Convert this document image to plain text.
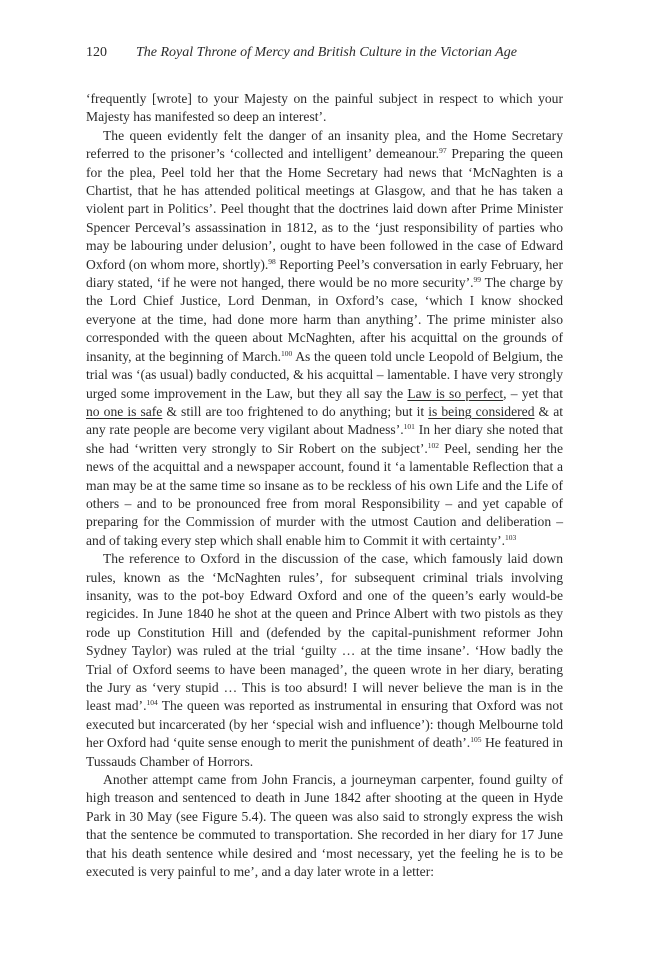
120 The Royal Throne of Mercy and British Culture in the Victorian Age

‘frequently [wrote] to your Majesty on the painful subject in respect to which your Majesty has manifested so deep an interest’.

The queen evidently felt the danger of an insanity plea, and the Home Secretary referred to the prisoner’s ‘collected and intelligent’ demeanour.$^{97}$ Preparing the queen for the plea, Peel told her that the Home Secretary had news that ‘McNaghten is a Chartist, that he has attended political meetings at Glasgow, and that he has taken a violent part in Politics’. Peel thought that the doctrines laid down after Prime Minister Spencer Perceval’s assassination in 1812, as to the ‘just responsibility of parties who may be labouring under delusion’, ought to have been followed in the case of Edward Oxford (on whom more, shortly).$^{98}$ Reporting Peel’s conversation in early February, her diary stated, ‘if he were not hanged, there would be no more security’.$^{99}$ The charge by the Lord Chief Justice, Lord Denman, in Oxford’s case, ‘which I know shocked everyone at the time, had done more harm than anything’. The prime minister also corresponded with the queen about McNaghten, after his acquittal on the grounds of insanity, at the beginning of March.$^{100}$ As the queen told uncle Leopold of Belgium, the trial was ‘(as usual) badly conducted, & his acquittal – lamentable. I have very strongly urged some improvement in the Law, but they all say the Law is so perfect, – yet that no one is safe & still are too frightened to do anything; but it is being considered & at any rate people are become very vigilant about Madness’.$^{101}$ In her diary she noted that she had ‘written very strongly to Sir Robert on the subject’.$^{102}$ Peel, sending her the news of the acquittal and a newspaper account, found it ‘a lamentable Reflection that a man may be at the same time so insane as to be reckless of his own Life and the Life of others – and to be pronounced free from moral Responsibility – and yet capable of preparing for the Commission of murder with the utmost Caution and deliberation – and of taking every step which shall enable him to Commit it with certainty’.$^{103}$

The reference to Oxford in the discussion of the case, which famously laid down rules, known as the ‘McNaghten rules’, for subsequent criminal trials involving insanity, was to the pot-boy Edward Oxford and one of the queen’s early would-be regicides. In June 1840 he shot at the queen and Prince Albert with two pistols as they rode up Constitution Hill and (defended by the capital-punishment reformer John Sydney Taylor) was ruled at the trial ‘guilty … at the time insane’. ‘How badly the Trial of Oxford seems to have been managed’, the queen wrote in her diary, berating the Jury as ‘very stupid … This is too absurd! I will never believe the man is in the least mad’.$^{104}$ The queen was reported as instrumental in ensuring that Oxford was not executed but incarcerated (by her ‘special wish and influence’): though Melbourne told her Oxford had ‘quite sense enough to merit the punishment of death’.$^{105}$ He featured in Tussauds Chamber of Horrors.

Another attempt came from John Francis, a journeyman carpenter, found guilty of high treason and sentenced to death in June 1842 after shooting at the queen in Hyde Park in 30 May (see Figure 5.4). The queen was also said to strongly express the wish that the sentence be commuted to transportation. She recorded in her diary for 17 June that his death sentence while desired and ‘most necessary, yet the feeling he is to be executed is very painful to me’, and a day later wrote in a letter:
